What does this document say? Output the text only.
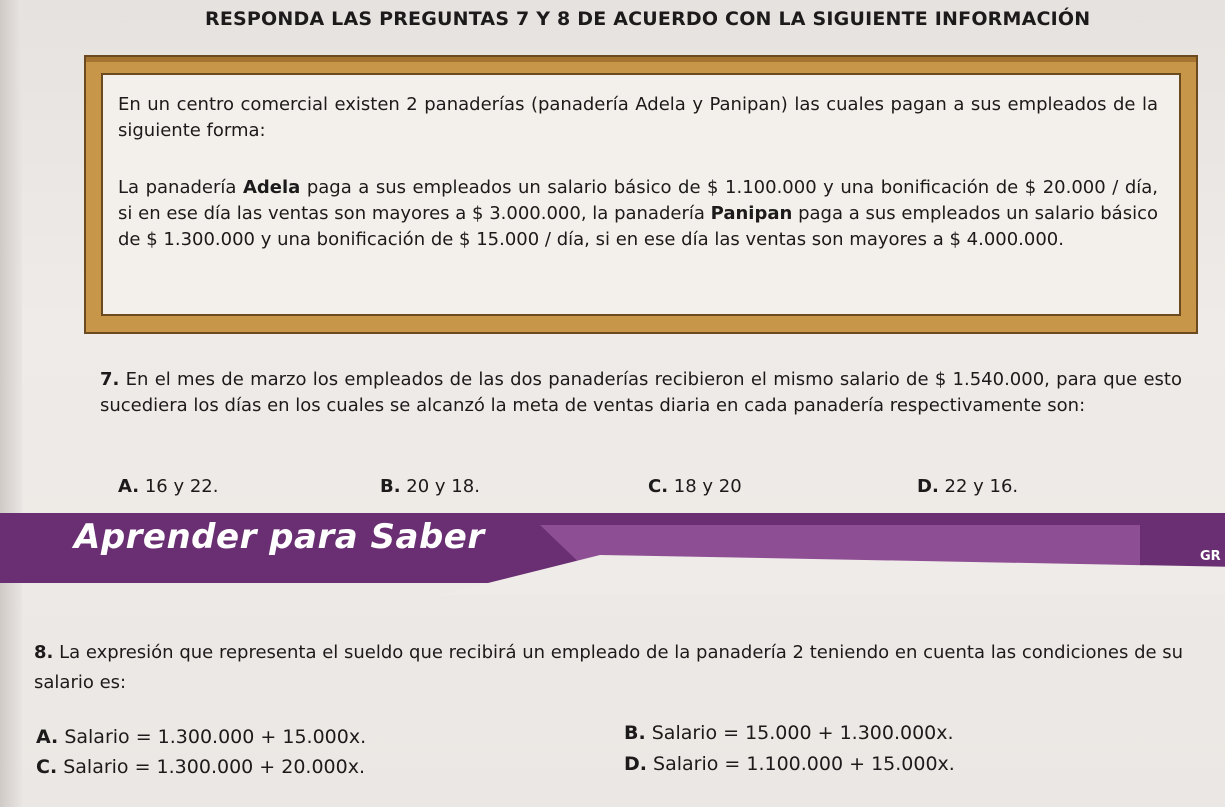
RESPONDA LAS PREGUNTAS 7 Y 8 DE ACUERDO CON LA SIGUIENTE INFORMACIÓN
En un centro comercial existen 2 panaderías (panadería Adela y Panipan) las cuales pagan a sus empleados de la siguiente forma:
La panadería Adela paga a sus empleados un salario básico de $ 1.100.000 y una bonificación de $ 20.000 / día, si en ese día las ventas son mayores a $ 3.000.000, la panadería Panipan paga a sus empleados un salario básico de $ 1.300.000 y una bonificación de $ 15.000 / día, si en ese día las ventas son mayores a $ 4.000.000.
7. En el mes de marzo los empleados de las dos panaderías recibieron el mismo salario de $ 1.540.000, para que esto sucediera los días en los cuales se alcanzó la meta de ventas diaria en cada panadería respectivamente son:
A. 16 y 22.	B. 20 y 18.	C. 18 y 20	D. 22 y 16.
Aprender para Saber	GR
8. La expresión que representa el sueldo que recibirá un empleado de la panadería 2 teniendo en cuenta las condiciones de su salario es:
A. Salario = 1.300.000 + 15.000x.	B. Salario = 15.000 + 1.300.000x.
C. Salario = 1.300.000 + 20.000x.	D. Salario = 1.100.000 + 15.000x.
